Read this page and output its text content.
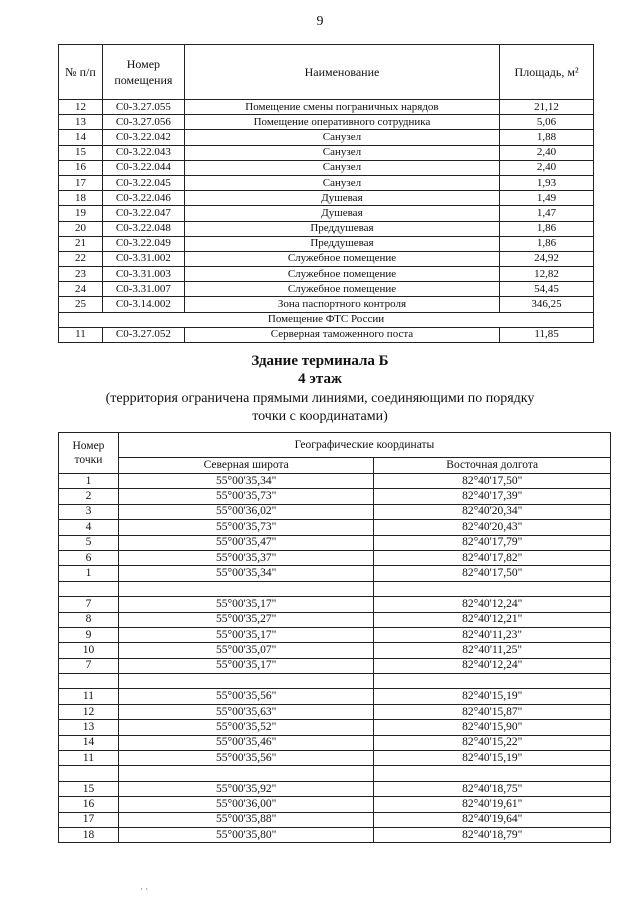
9
№ п/п	Номер помещения	Наименование	Площадь, м²
12	С0-3.27.055	Помещение смены пограничных нарядов	21,12
13	С0-3.27.056	Помещение оперативного сотрудника	5,06
14	С0-3.22.042	Санузел	1,88
15	С0-3.22.043	Санузел	2,40
16	С0-3.22.044	Санузел	2,40
17	С0-3.22.045	Санузел	1,93
18	С0-3.22.046	Душевая	1,49
19	С0-3.22.047	Душевая	1,47
20	С0-3.22.048	Преддушевая	1,86
21	С0-3.22.049	Преддушевая	1,86
22	С0-3.31.002	Служебное помещение	24,92
23	С0-3.31.003	Служебное помещение	12,82
24	С0-3.31.007	Служебное помещение	54,45
25	С0-3.14.002	Зона паспортного контроля	346,25
Помещение ФТС России			
11	С0-3.27.052	Серверная таможенного поста	11,85
Здание терминала Б
4 этаж
(территория ограничена прямыми линиями, соединяющими по порядку точки с координатами)
Номер точки	Географические координаты	
	Северная широта	Восточная долгота
1	55°00'35,34"	82°40'17,50"
2	55°00'35,73"	82°40'17,39"
3	55°00'36,02"	82°40'20,34"
4	55°00'35,73"	82°40'20,43"
5	55°00'35,47"	82°40'17,79"
6	55°00'35,37"	82°40'17,82"
1	55°00'35,34"	82°40'17,50"

7	55°00'35,17"	82°40'12,24"
8	55°00'35,27"	82°40'12,21"
9	55°00'35,17"	82°40'11,23"
10	55°00'35,07"	82°40'11,25"
7	55°00'35,17"	82°40'12,24"

11	55°00'35,56"	82°40'15,19"
12	55°00'35,63"	82°40'15,87"
13	55°00'35,52"	82°40'15,90"
14	55°00'35,46"	82°40'15,22"
11	55°00'35,56"	82°40'15,19"

15	55°00'35,92"	82°40'18,75"
16	55°00'36,00"	82°40'19,61"
17	55°00'35,88"	82°40'19,64"
18	55°00'35,80"	82°40'18,79"
· ·
